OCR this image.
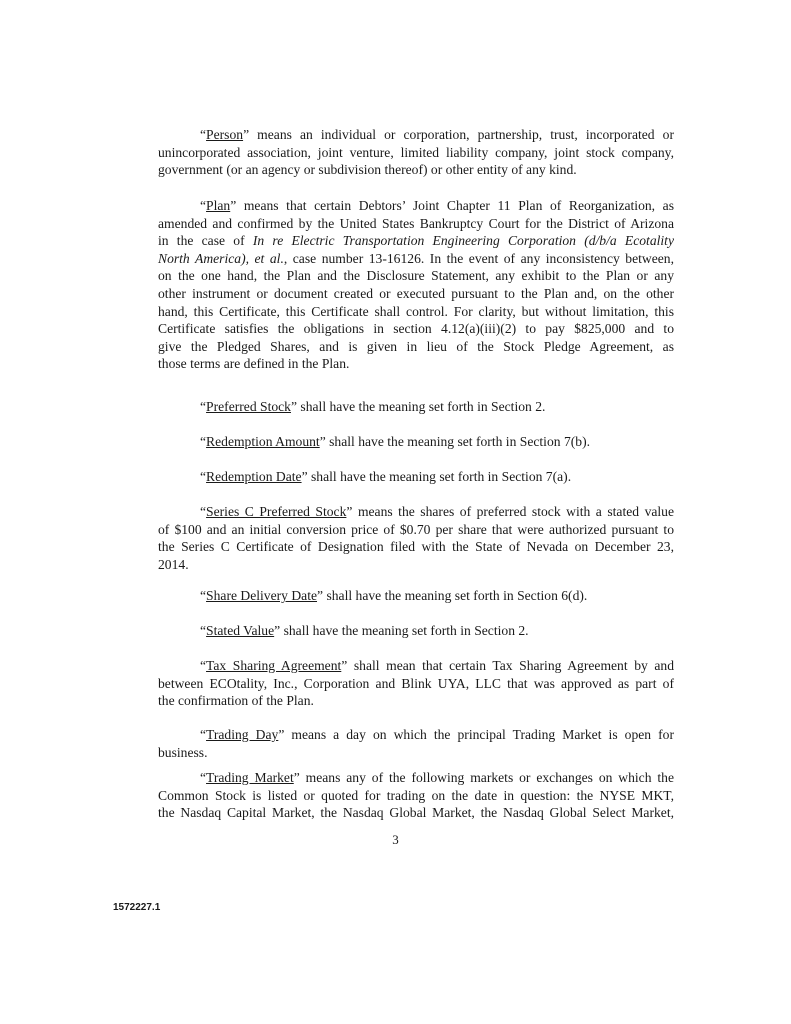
“Person” means an individual or corporation, partnership, trust, incorporated or
unincorporated association, joint venture, limited liability company, joint stock company,
government (or an agency or subdivision thereof) or other entity of any kind.
“Plan” means that certain Debtors’ Joint Chapter 11 Plan of Reorganization, as
amended and confirmed by the United States Bankruptcy Court for the District of Arizona
in the case of In re Electric Transportation Engineering Corporation (d/b/a Ecotality
North America), et al., case number 13-16126. In the event of any inconsistency between,
on the one hand, the Plan and the Disclosure Statement, any exhibit to the Plan or any
other instrument or document created or executed pursuant to the Plan and, on the other
hand, this Certificate, this Certificate shall control. For clarity, but without limitation, this
Certificate satisfies the obligations in section 4.12(a)(iii)(2) to pay $825,000 and to
give the Pledged Shares, and is given in lieu of the Stock Pledge Agreement, as
those terms are defined in the Plan.
“Preferred Stock” shall have the meaning set forth in Section 2.
“Redemption Amount” shall have the meaning set forth in Section 7(b).
“Redemption Date” shall have the meaning set forth in Section 7(a).
“Series C Preferred Stock” means the shares of preferred stock with a stated value
of $100 and an initial conversion price of $0.70 per share that were authorized pursuant to
the Series C Certificate of Designation filed with the State of Nevada on December 23,
2014.
“Share Delivery Date” shall have the meaning set forth in Section 6(d).
“Stated Value” shall have the meaning set forth in Section 2.
“Tax Sharing Agreement” shall mean that certain Tax Sharing Agreement by and
between ECOtality, Inc., Corporation and Blink UYA, LLC that was approved as part of
the confirmation of the Plan.
“Trading Day” means a day on which the principal Trading Market is open for
business.
“Trading Market” means any of the following markets or exchanges on which the
Common Stock is listed or quoted for trading on the date in question: the NYSE MKT,
the Nasdaq Capital Market, the Nasdaq Global Market, the Nasdaq Global Select Market,
3
1572227.1
